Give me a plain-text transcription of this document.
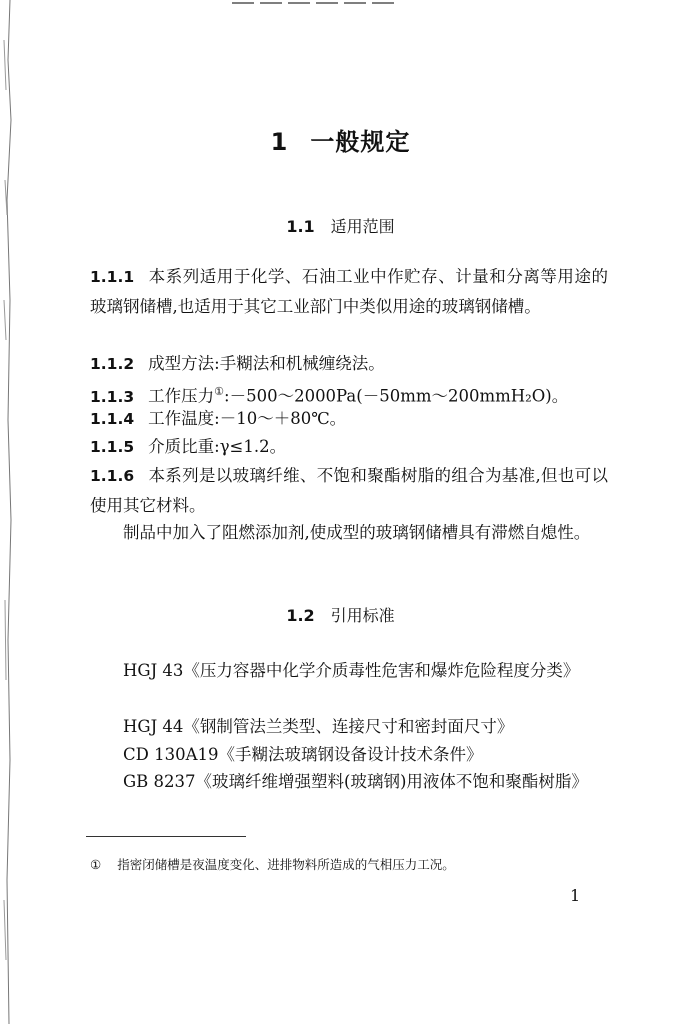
1 一般规定
1.1 适用范围
1.1.1 本系列适用于化学、石油工业中作贮存、计量和分离等用途的玻璃钢储槽,也适用于其它工业部门中类似用途的玻璃钢储槽。
1.1.2 成型方法:手糊法和机械缠绕法。
1.1.3 工作压力①:－500～2000Pa(－50mm～200mmH₂O)。
1.1.4 工作温度:－10～＋80℃。
1.1.5 介质比重:γ≤1.2。
1.1.6 本系列是以玻璃纤维、不饱和聚酯树脂的组合为基准,但也可以使用其它材料。
制品中加入了阻燃添加剂,使成型的玻璃钢储槽具有滞燃自熄性。
1.2 引用标准
HGJ 43《压力容器中化学介质毒性危害和爆炸危险程度分类》
HGJ 44《钢制管法兰类型、连接尺寸和密封面尺寸》
CD 130A19《手糊法玻璃钢设备设计技术条件》
GB 8237《玻璃纤维增强塑料(玻璃钢)用液体不饱和聚酯树脂》
① 指密闭储槽是夜温度变化、进排物料所造成的气相压力工况。
1
